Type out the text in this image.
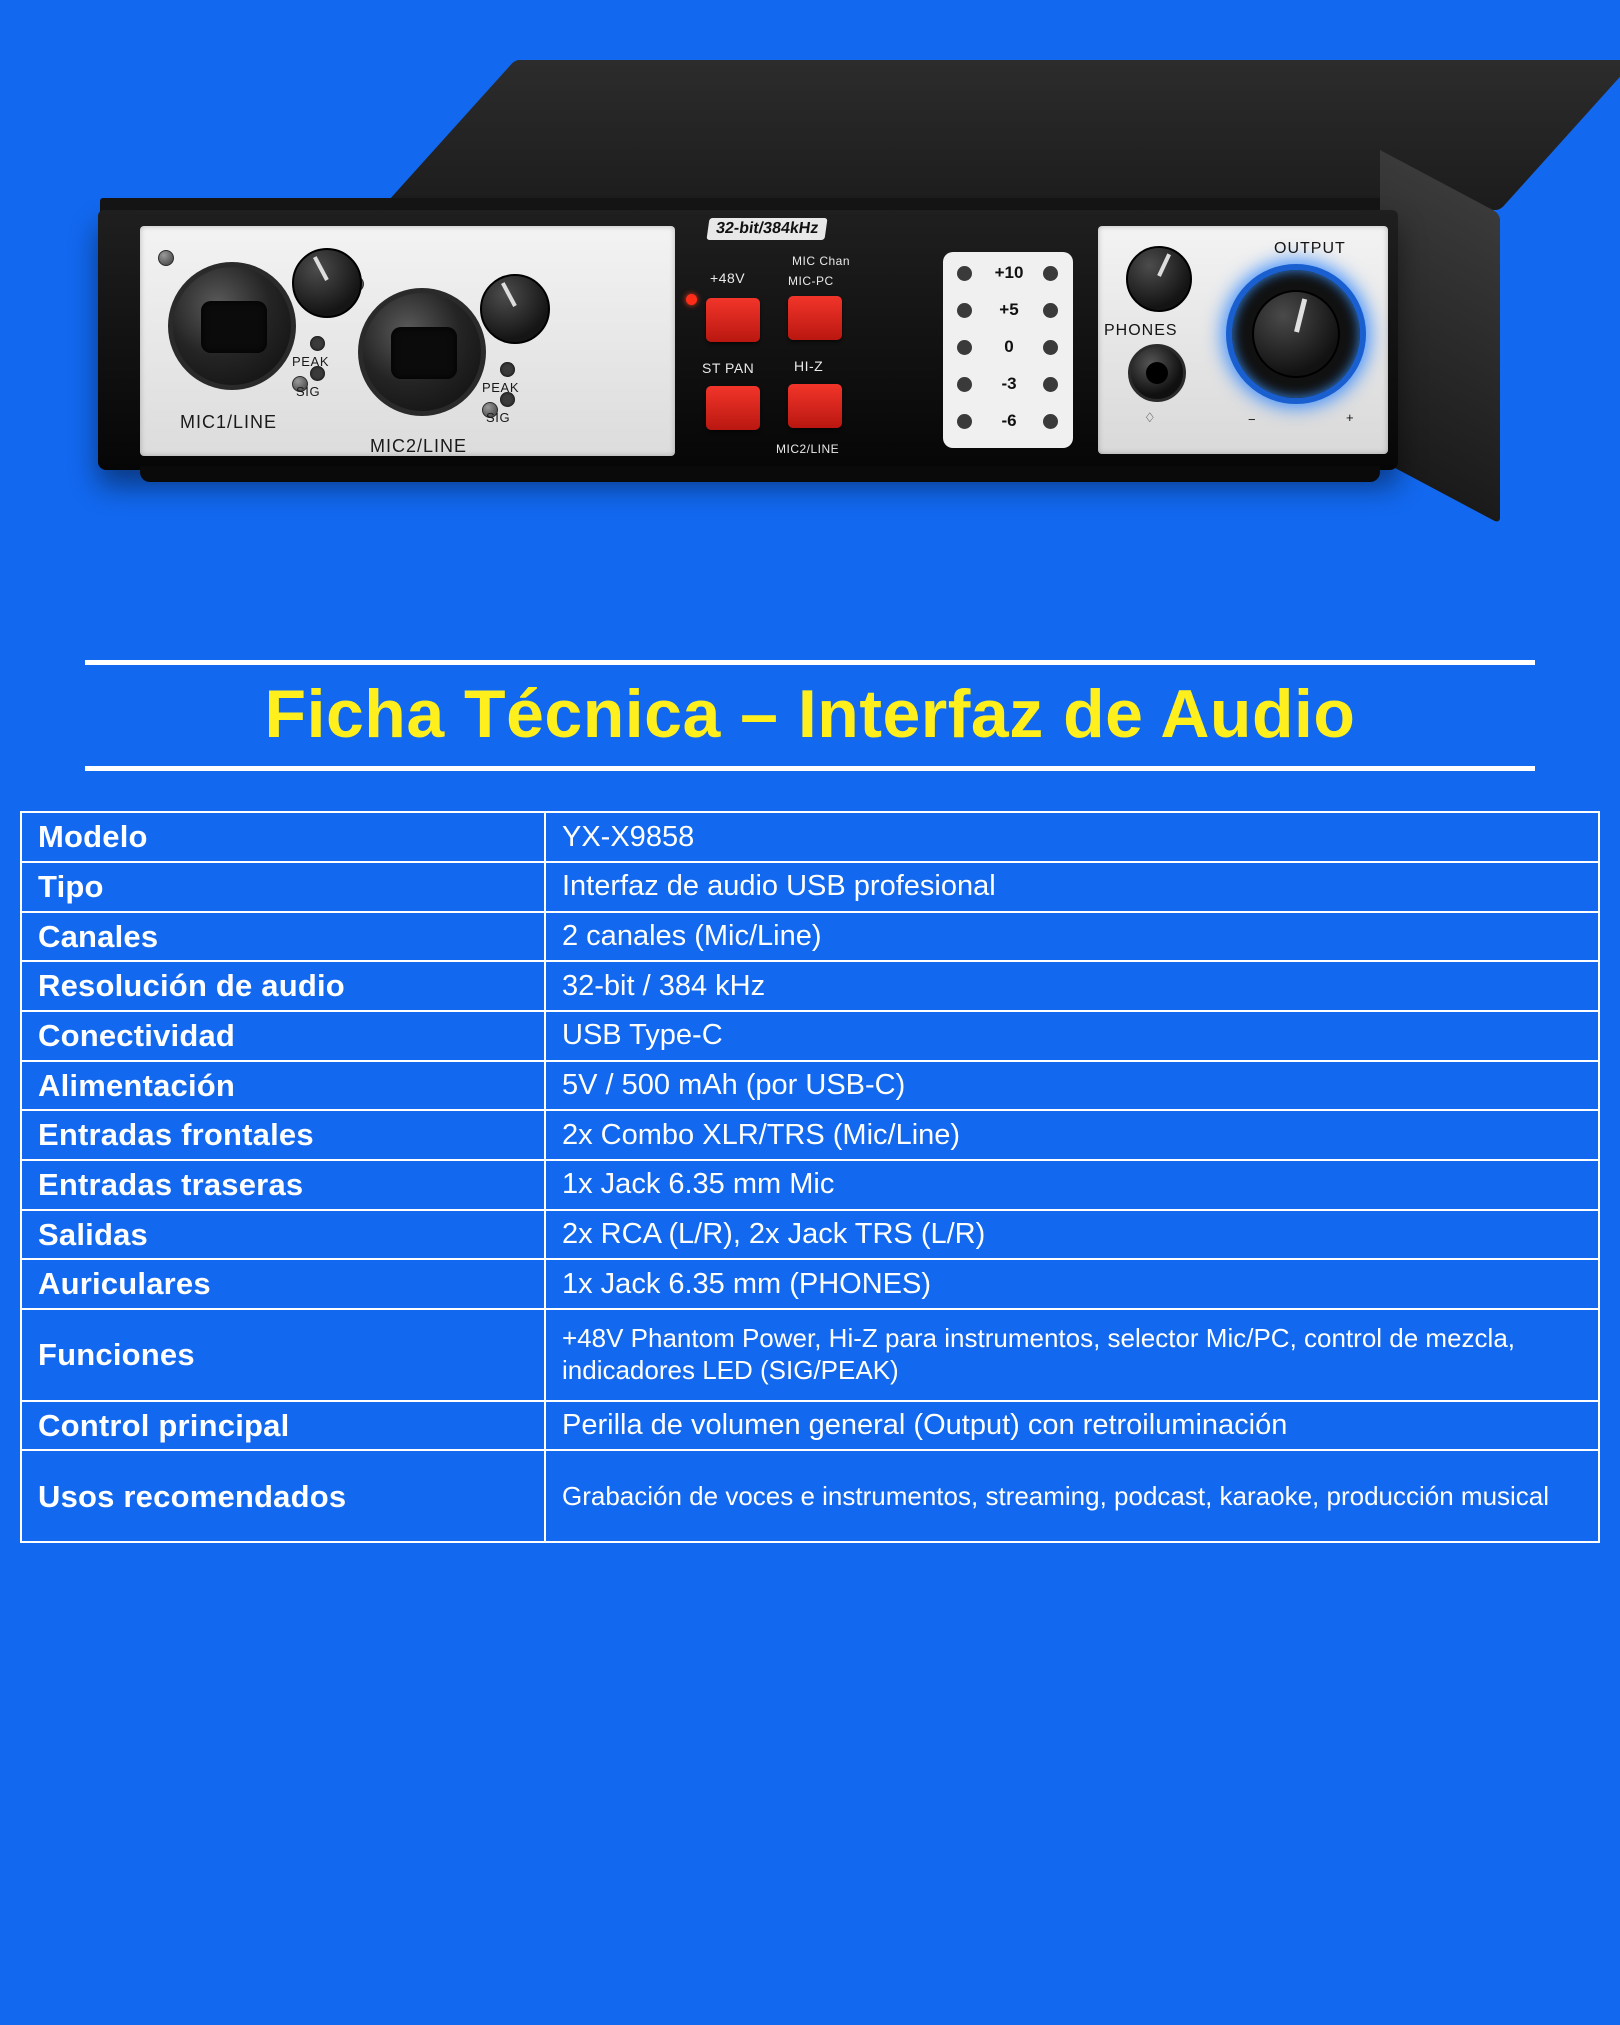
PEAK
SIG	PEAK
SIG
MIC1/LINE
MIC2/LINE
32-bit/384kHz
MIC Chan
MIC-PC
+48V
ST PAN	HI-Z
MIC2/LINE
+10
+5
0
-3
-6
PHONES
♢
OUTPUT
−	+
Ficha Técnica – Interfaz de Audio
Modelo	YX-X9858
Tipo	Interfaz de audio USB profesional
Canales	2 canales (Mic/Line)
Resolución de audio	32-bit / 384 kHz
Conectividad	USB Type-C
Alimentación	5V / 500 mAh (por USB-C)
Entradas frontales	2x Combo XLR/TRS (Mic/Line)
Entradas traseras	1x Jack 6.35 mm Mic
Salidas	2x RCA (L/R), 2x Jack TRS (L/R)
Auriculares	1x Jack 6.35 mm (PHONES)
Funciones	+48V Phantom Power, Hi-Z para instrumentos, selector Mic/PC, control de mezcla, indicadores LED (SIG/PEAK)
Control principal	Perilla de volumen general (Output) con retroiluminación
Usos recomendados	Grabación de voces e instrumentos, streaming, podcast, karaoke, producción musical
